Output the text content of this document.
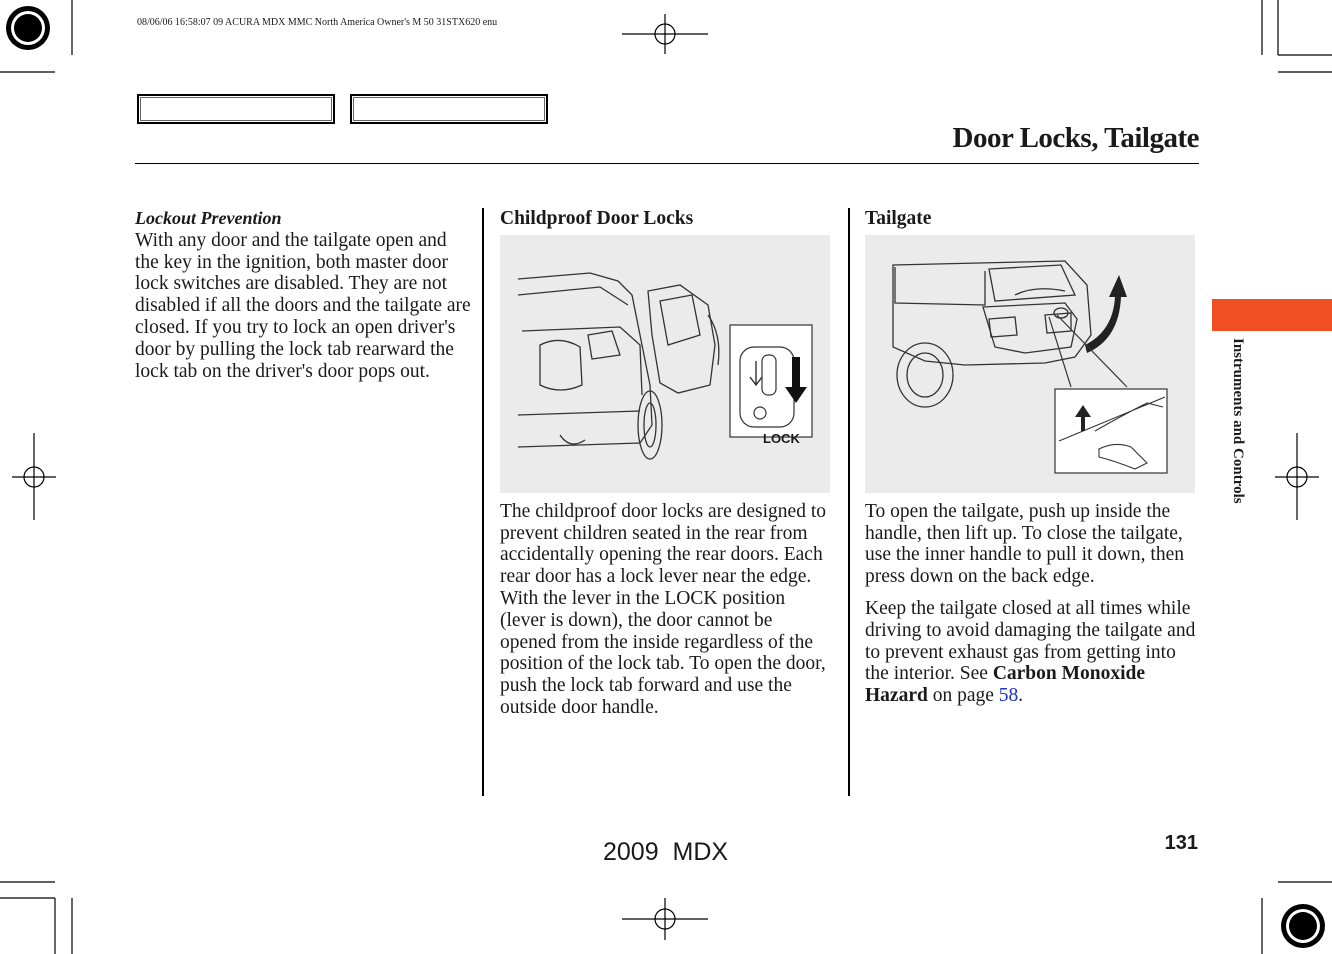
08/06/06 16:58:07 09 ACURA MDX MMC North America Owner's M 50 31STX620 enu
Door Locks, Tailgate

Lockout Prevention

With any door and the tailgate open and the key in the ignition, both master door lock switches are disabled. They are not disabled if all the doors and the tailgate are closed. If you try to lock an open driver's door by pulling the lock tab rearward the lock tab on the driver's door pops out.

Childproof Door Locks

LOCK

The childproof door locks are designed to prevent children seated in the rear from accidentally opening the rear doors. Each rear door has a lock lever near the edge. With the lever in the LOCK position (lever is down), the door cannot be opened from the inside regardless of the position of the lock tab. To open the door, push the lock tab forward and use the outside door handle.

Tailgate

To open the tailgate, push up inside the handle, then lift up. To close the tailgate, use the inner handle to pull it down, then press down on the back edge.

Keep the tailgate closed at all times while driving to avoid damaging the tailgate and to prevent exhaust gas from getting into the interior. See Carbon Monoxide Hazard on page 58.

Instruments and Controls
131
2009  MDX
